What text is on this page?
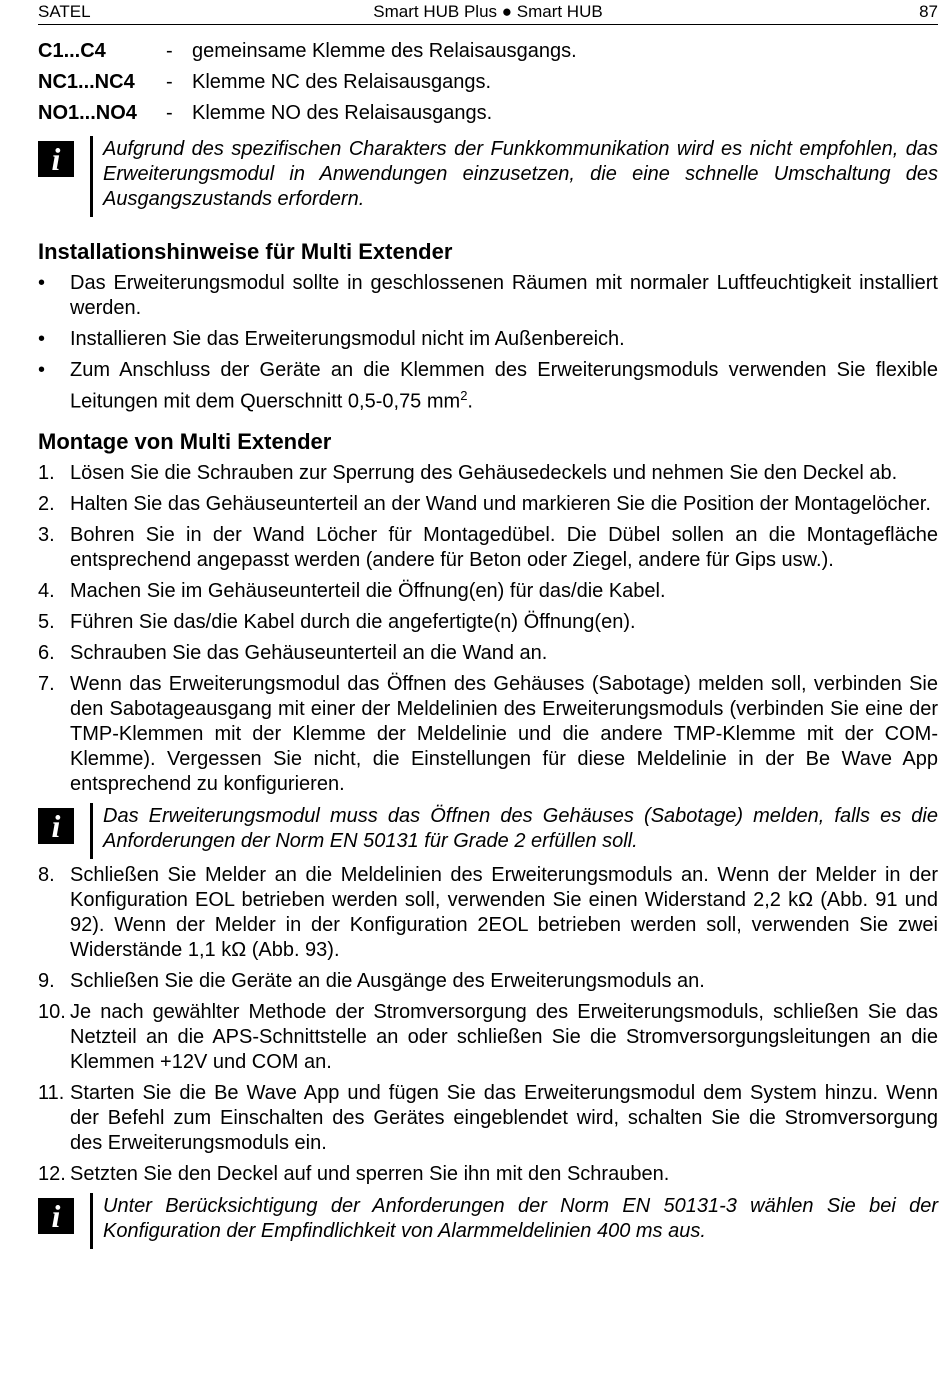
SATEL	Smart HUB Plus ● Smart HUB	87
C1...C4	- gemeinsame Klemme des Relaisausgangs.
NC1...NC4	- Klemme NC des Relaisausgangs.
NO1...NO4	- Klemme NO des Relaisausgangs.
i	Aufgrund des spezifischen Charakters der Funkkommunikation wird es nicht empfohlen, das Erweiterungsmodul in Anwendungen einzusetzen, die eine schnelle Umschaltung des Ausgangszustands erfordern.
Installationshinweise für Multi Extender
•	Das Erweiterungsmodul sollte in geschlossenen Räumen mit normaler Luftfeuchtigkeit installiert werden.
•	Installieren Sie das Erweiterungsmodul nicht im Außenbereich.
•	Zum Anschluss der Geräte an die Klemmen des Erweiterungsmoduls verwenden Sie flexible Leitungen mit dem Querschnitt 0,5-0,75 $mm^2$.
Montage von Multi Extender
1. Lösen Sie die Schrauben zur Sperrung des Gehäusedeckels und nehmen Sie den Deckel ab.
2. Halten Sie das Gehäuseunterteil an der Wand und markieren Sie die Position der Montagelöcher.
3. Bohren Sie in der Wand Löcher für Montagedübel. Die Dübel sollen an die Montagefläche entsprechend angepasst werden (andere für Beton oder Ziegel, andere für Gips usw.).
4. Machen Sie im Gehäuseunterteil die Öffnung(en) für das/die Kabel.
5. Führen Sie das/die Kabel durch die angefertigte(n) Öffnung(en).
6. Schrauben Sie das Gehäuseunterteil an die Wand an.
7. Wenn das Erweiterungsmodul das Öffnen des Gehäuses (Sabotage) melden soll, verbinden Sie den Sabotageausgang mit einer der Meldelinien des Erweiterungsmoduls (verbinden Sie eine der TMP-Klemmen mit der Klemme der Meldelinie und die andere TMP-Klemme mit der COM-Klemme). Vergessen Sie nicht, die Einstellungen für diese Meldelinie in der Be Wave App entsprechend zu konfigurieren.
i	Das Erweiterungsmodul muss das Öffnen des Gehäuses (Sabotage) melden, falls es die Anforderungen der Norm EN 50131 für Grade 2 erfüllen soll.
8. Schließen Sie Melder an die Meldelinien des Erweiterungsmoduls an. Wenn der Melder in der Konfiguration EOL betrieben werden soll, verwenden Sie einen Widerstand 2,2 kΩ (Abb. 91 und 92). Wenn der Melder in der Konfiguration 2EOL betrieben werden soll, verwenden Sie zwei Widerstände 1,1 kΩ (Abb. 93).
9. Schließen Sie die Geräte an die Ausgänge des Erweiterungsmoduls an.
10. Je nach gewählter Methode der Stromversorgung des Erweiterungsmoduls, schließen Sie das Netzteil an die APS-Schnittstelle an oder schließen Sie die Stromversorgungsleitungen an die Klemmen +12V und COM an.
11. Starten Sie die Be Wave App und fügen Sie das Erweiterungsmodul dem System hinzu. Wenn der Befehl zum Einschalten des Gerätes eingeblendet wird, schalten Sie die Stromversorgung des Erweiterungsmoduls ein.
12. Setzten Sie den Deckel auf und sperren Sie ihn mit den Schrauben.
i	Unter Berücksichtigung der Anforderungen der Norm EN 50131-3 wählen Sie bei der Konfiguration der Empfindlichkeit von Alarmmeldelinien 400 ms aus.
